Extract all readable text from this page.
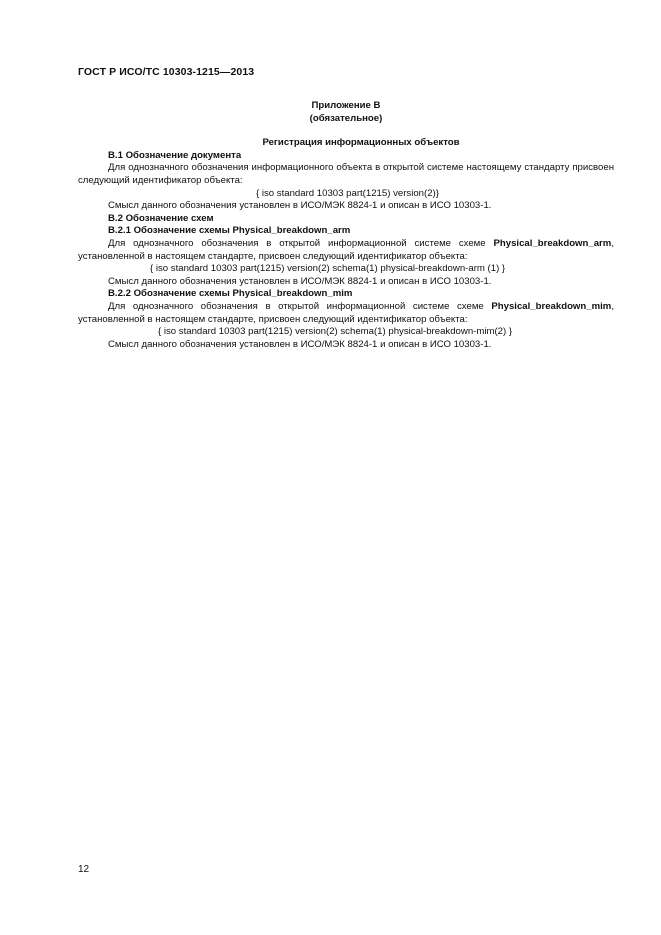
ГОСТ Р ИСО/ТС 10303-1215—2013

Приложение В

(обязательное)

Регистрация информационных объектов

В.1 Обозначение документа

Для однозначного обозначения информационного объекта в открытой системе настоящему стандарту присвоен следующий идентификатор объекта:

{ iso standard 10303 part(1215) version(2)}

Смысл данного обозначения установлен в ИСО/МЭК 8824-1 и описан в ИСО 10303-1.

В.2 Обозначение схем

В.2.1 Обозначение схемы Physical_breakdown_arm

Для однозначного обозначения в открытой информационной системе схеме Physical_breakdown_arm, установленной в настоящем стандарте, присвоен следующий идентификатор объекта:

{ iso standard 10303 part(1215) version(2) schema(1) physical-breakdown-arm (1) }

Смысл данного обозначения установлен в ИСО/МЭК 8824-1 и описан в ИСО 10303-1.

В.2.2 Обозначение схемы Physical_breakdown_mim

Для однозначного обозначения в открытой информационной системе схеме Physical_breakdown_mim, установленной в настоящем стандарте, присвоен следующий идентификатор объекта:

{ iso standard 10303 part(1215) version(2) schema(1) physical-breakdown-mim(2) }

Смысл данного обозначения установлен в ИСО/МЭК 8824-1 и описан в ИСО 10303-1.

12
